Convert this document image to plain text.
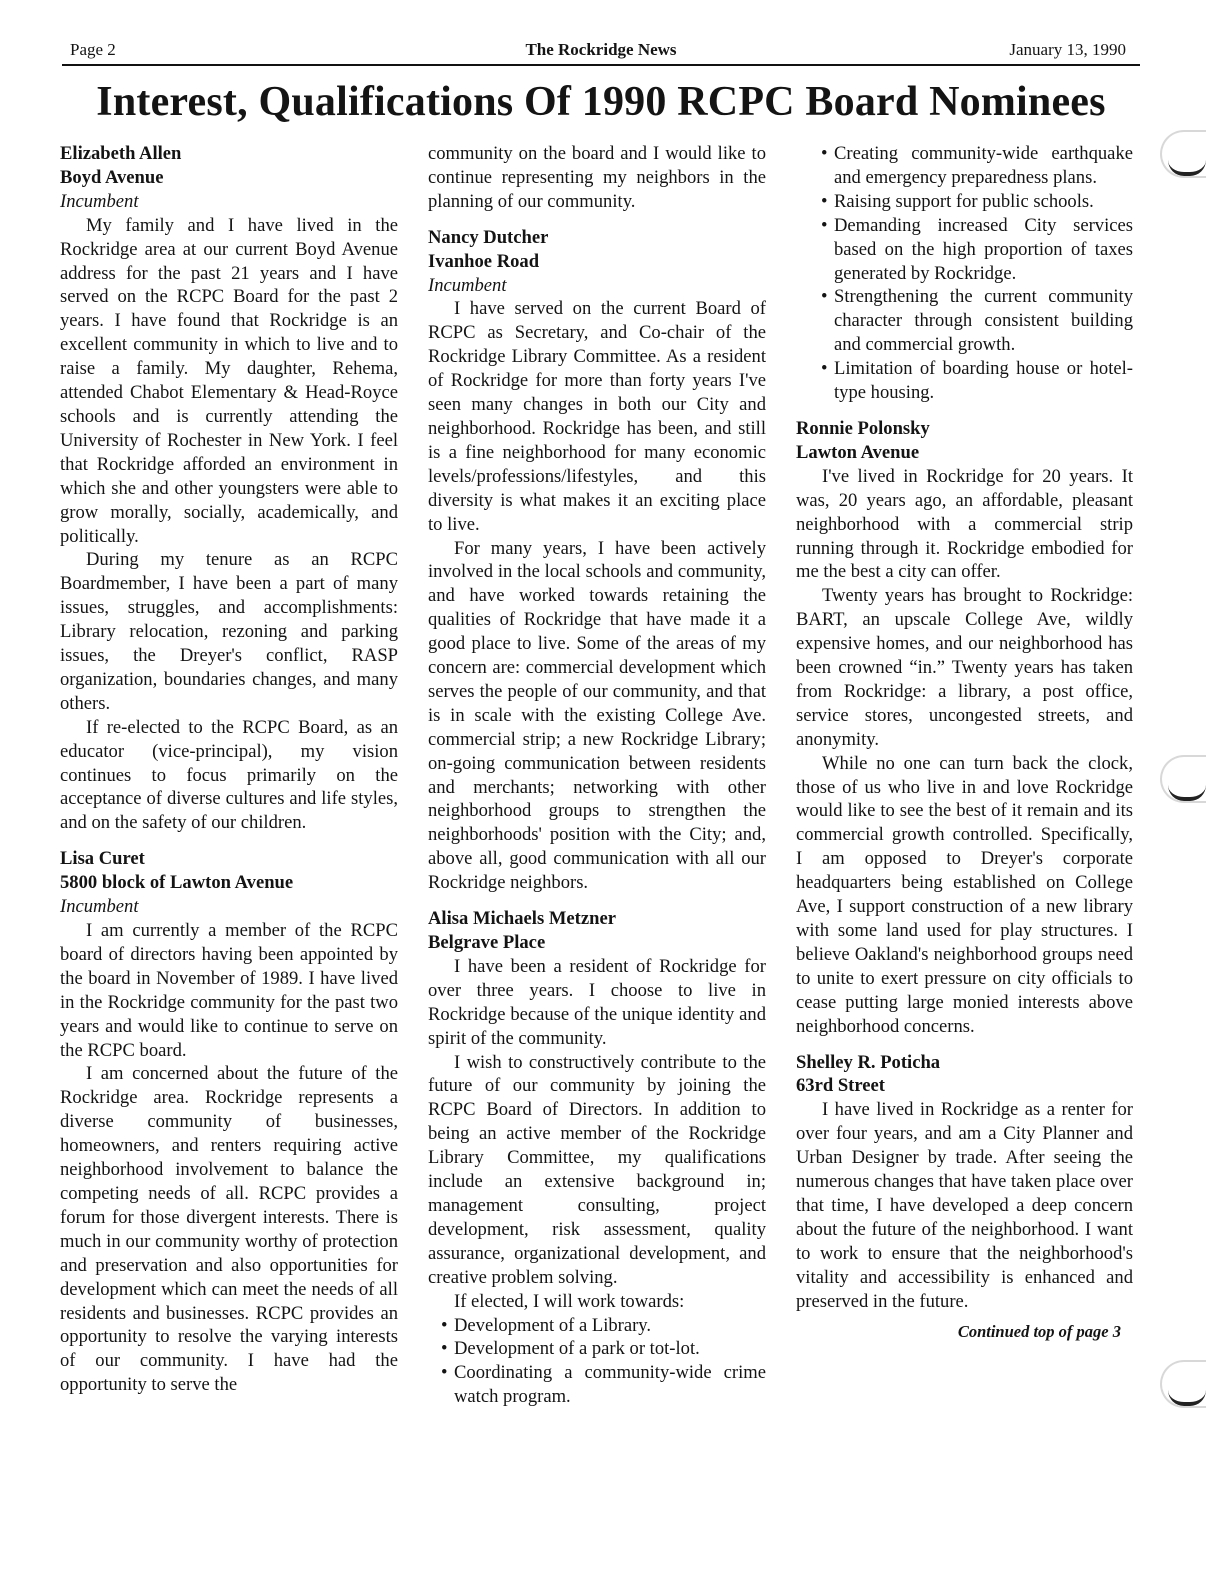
Page 2	The Rockridge News	January 13, 1990
Interest, Qualifications Of 1990 RCPC Board Nominees
Elizabeth Allen
Boyd Avenue
Incumbent

My family and I have lived in the Rockridge area at our current Boyd Avenue address for the past 21 years and I have served on the RCPC Board for the past 2 years. I have found that Rockridge is an excellent community in which to live and to raise a family. My daughter, Rehema, attended Chabot Elementary & Head-Royce schools and is currently attending the University of Rochester in New York. I feel that Rockridge afforded an environment in which she and other youngsters were able to grow morally, socially, academically, and politically.

During my tenure as an RCPC Boardmember, I have been a part of many issues, struggles, and accomplishments: Library relocation, rezoning and parking issues, the Dreyer's conflict, RASP organization, boundaries changes, and many others.

If re-elected to the RCPC Board, as an educator (vice-principal), my vision continues to focus primarily on the acceptance of diverse cultures and life styles, and on the safety of our children.

Lisa Curet
5800 block of Lawton Avenue
Incumbent

I am currently a member of the RCPC board of directors having been appointed by the board in November of 1989. I have lived in the Rockridge community for the past two years and would like to continue to serve on the RCPC board.

I am concerned about the future of the Rockridge area. Rockridge represents a diverse community of businesses, homeowners, and renters requiring active neighborhood involvement to balance the competing needs of all. RCPC provides a forum for those divergent interests. There is much in our community worthy of protection and preservation and also opportunities for development which can meet the needs of all residents and businesses. RCPC provides an opportunity to resolve the varying interests of our community. I have had the opportunity to serve the

community on the board and I would like to continue representing my neighbors in the planning of our community.

Nancy Dutcher
Ivanhoe Road
Incumbent

I have served on the current Board of RCPC as Secretary, and Co-chair of the Rockridge Library Committee. As a resident of Rockridge for more than forty years I've seen many changes in both our City and neighborhood. Rockridge has been, and still is a fine neighborhood for many economic levels/professions/lifestyles, and this diversity is what makes it an exciting place to live.

For many years, I have been actively involved in the local schools and community, and have worked towards retaining the qualities of Rockridge that have made it a good place to live. Some of the areas of my concern are: commercial development which serves the people of our community, and that is in scale with the existing College Ave. commercial strip; a new Rockridge Library; on-going communication between residents and merchants; networking with other neighborhood groups to strengthen the neighborhoods' position with the City; and, above all, good communication with all our Rockridge neighbors.

Alisa Michaels Metzner
Belgrave Place

I have been a resident of Rockridge for over three years. I choose to live in Rockridge because of the unique identity and spirit of the community.

I wish to constructively contribute to the future of our community by joining the RCPC Board of Directors. In addition to being an active member of the Rockridge Library Committee, my qualifications include an extensive background in; management consulting, project development, risk assessment, quality assurance, organizational development, and creative problem solving.

If elected, I will work towards:

• Development of a Library.
• Development of a park or tot-lot.
• Coordinating a community-wide crime watch program.
• Creating community-wide earthquake and emergency preparedness plans.
• Raising support for public schools.
• Demanding increased City services based on the high proportion of taxes generated by Rockridge.
• Strengthening the current community character through consistent building and commercial growth.
• Limitation of boarding house or hotel-type housing.
Ronnie Polonsky
Lawton Avenue

I've lived in Rockridge for 20 years. It was, 20 years ago, an affordable, pleasant neighborhood with a commercial strip running through it. Rockridge embodied for me the best a city can offer.

Twenty years has brought to Rockridge: BART, an upscale College Ave, wildly expensive homes, and our neighborhood has been crowned “in.” Twenty years has taken from Rockridge: a library, a post office, service stores, uncongested streets, and anonymity.

While no one can turn back the clock, those of us who live in and love Rockridge would like to see the best of it remain and its commercial growth controlled. Specifically, I am opposed to Dreyer's corporate headquarters being established on College Ave, I support construction of a new library with some land used for play structures. I believe Oakland's neighborhood groups need to unite to exert pressure on city officials to cease putting large monied interests above neighborhood concerns.

Shelley R. Poticha
63rd Street

I have lived in Rockridge as a renter for over four years, and am a City Planner and Urban Designer by trade. After seeing the numerous changes that have taken place over that time, I have developed a deep concern about the future of the neighborhood. I want to work to ensure that the neighborhood's vitality and accessibility is enhanced and preserved in the future.

Continued top of page 3
